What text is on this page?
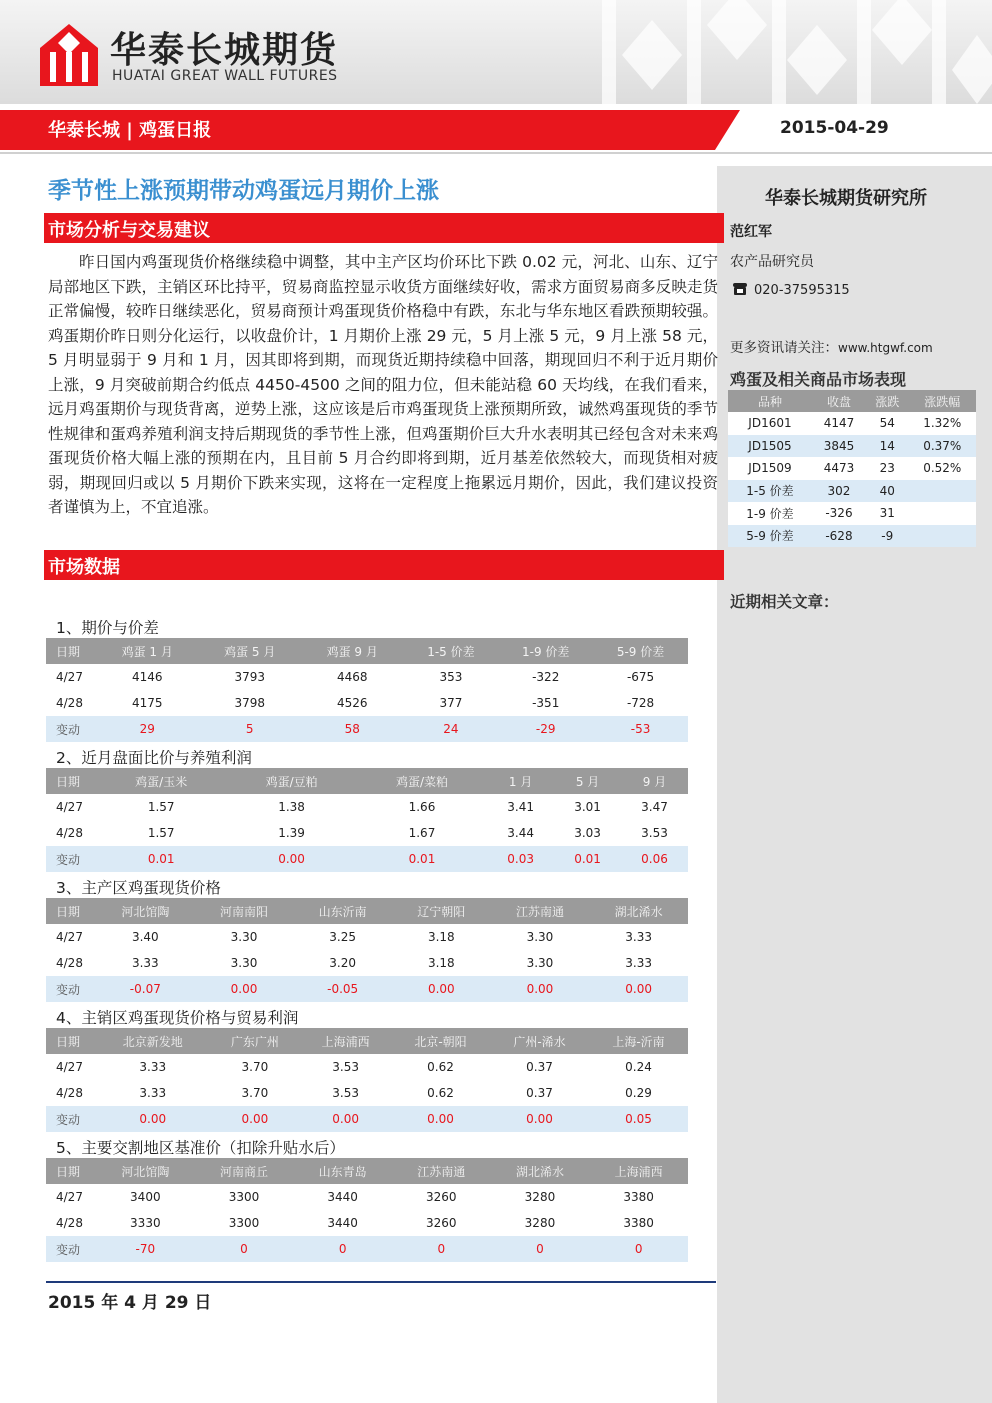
华泰长城期货
HUATAI GREAT WALL FUTURES
华泰长城 | 鸡蛋日报	2015-04-29
华泰长城期货研究所
范红军
农产品研究员
020-37595315
更多资讯请关注：www.htgwf.com
鸡蛋及相关商品市场表现
品种	收盘	涨跌	涨跌幅
JD1601	4147	54	1.32%
JD1505	3845	14	0.37%
JD1509	4473	23	0.52%
1-5 价差	302	40	
1-9 价差	-326	31	
5-9 价差	-628	-9	
近期相关文章：
季节性上涨预期带动鸡蛋远月期价上涨
市场分析与交易建议
昨日国内鸡蛋现货价格继续稳中调整，其中主产区均价环比下跌 0.02 元，河北、山东、辽宁局部地区下跌，主销区环比持平，贸易商监控显示收货方面继续好收，需求方面贸易商多反映走货正常偏慢，较昨日继续恶化，贸易商预计鸡蛋现货价格稳中有跌，东北与华东地区看跌预期较强。鸡蛋期价昨日则分化运行，以收盘价计，1 月期价上涨 29 元，5 月上涨 5 元，9 月上涨 58 元，5 月明显弱于 9 月和 1 月，因其即将到期，而现货近期持续稳中回落，期现回归不利于近月期价上涨，9 月突破前期合约低点 4450-4500 之间的阻力位，但未能站稳 60 天均线，在我们看来，远月鸡蛋期价与现货背离，逆势上涨，这应该是后市鸡蛋现货上涨预期所致，诚然鸡蛋现货的季节性规律和蛋鸡养殖利润支持后期现货的季节性上涨，但鸡蛋期价巨大升水表明其已经包含对未来鸡蛋现货价格大幅上涨的预期在内，且目前 5 月合约即将到期，近月基差依然较大，而现货相对疲弱，期现回归或以 5 月期价下跌来实现，这将在一定程度上拖累远月期价，因此，我们建议投资者谨慎为上，不宜追涨。
市场数据
1、期价与价差
日期	鸡蛋 1 月	鸡蛋 5 月	鸡蛋 9 月	1-5 价差	1-9 价差	5-9 价差
4/27	4146	3793	4468	353	-322	-675
4/28	4175	3798	4526	377	-351	-728
变动	29	5	58	24	-29	-53
2、近月盘面比价与养殖利润
日期	鸡蛋/玉米	鸡蛋/豆粕	鸡蛋/菜粕	1 月	5 月	9 月
4/27	1.57	1.38	1.66	3.41	3.01	3.47
4/28	1.57	1.39	1.67	3.44	3.03	3.53
变动	0.01	0.00	0.01	0.03	0.01	0.06
3、主产区鸡蛋现货价格
日期	河北馆陶	河南南阳	山东沂南	辽宁朝阳	江苏南通	湖北浠水
4/27	3.40	3.30	3.25	3.18	3.30	3.33
4/28	3.33	3.30	3.20	3.18	3.30	3.33
变动	-0.07	0.00	-0.05	0.00	0.00	0.00
4、主销区鸡蛋现货价格与贸易利润
日期	北京新发地	广东广州	上海浦西	北京-朝阳	广州-浠水	上海-沂南
4/27	3.33	3.70	3.53	0.62	0.37	0.24
4/28	3.33	3.70	3.53	0.62	0.37	0.29
变动	0.00	0.00	0.00	0.00	0.00	0.05
5、主要交割地区基准价（扣除升贴水后）
日期	河北馆陶	河南商丘	山东青岛	江苏南通	湖北浠水	上海浦西
4/27	3400	3300	3440	3260	3280	3380
4/28	3330	3300	3440	3260	3280	3380
变动	-70	0	0	0	0	0
2015 年 4 月 29 日
